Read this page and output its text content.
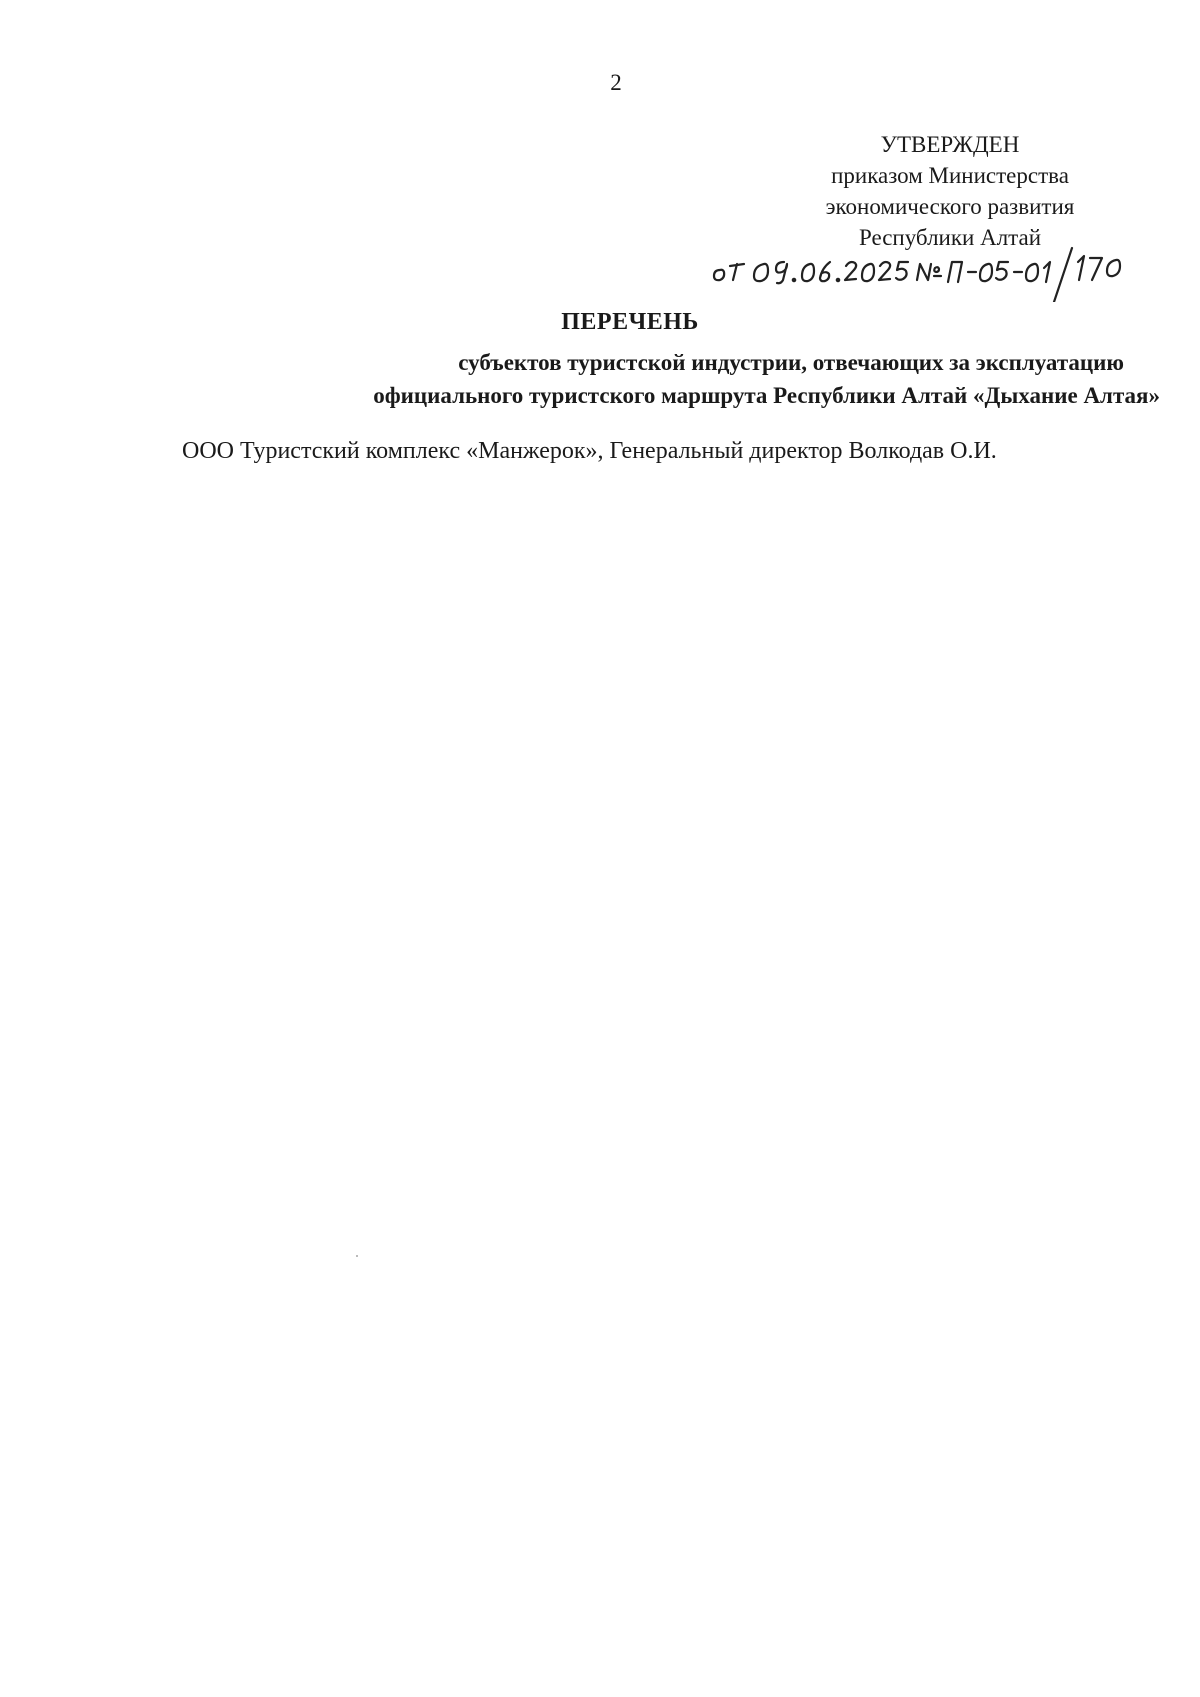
2
УТВЕРЖДЕН
приказом Министерства
экономического развития
Республики Алтай
ПЕРЕЧЕНЬ
субъектов туристской индустрии, отвечающих за эксплуатацию
официального туристского маршрута Республики Алтай «Дыхание Алтая»
ООО Туристский комплекс «Манжерок», Генеральный директор Волкодав О.И.
